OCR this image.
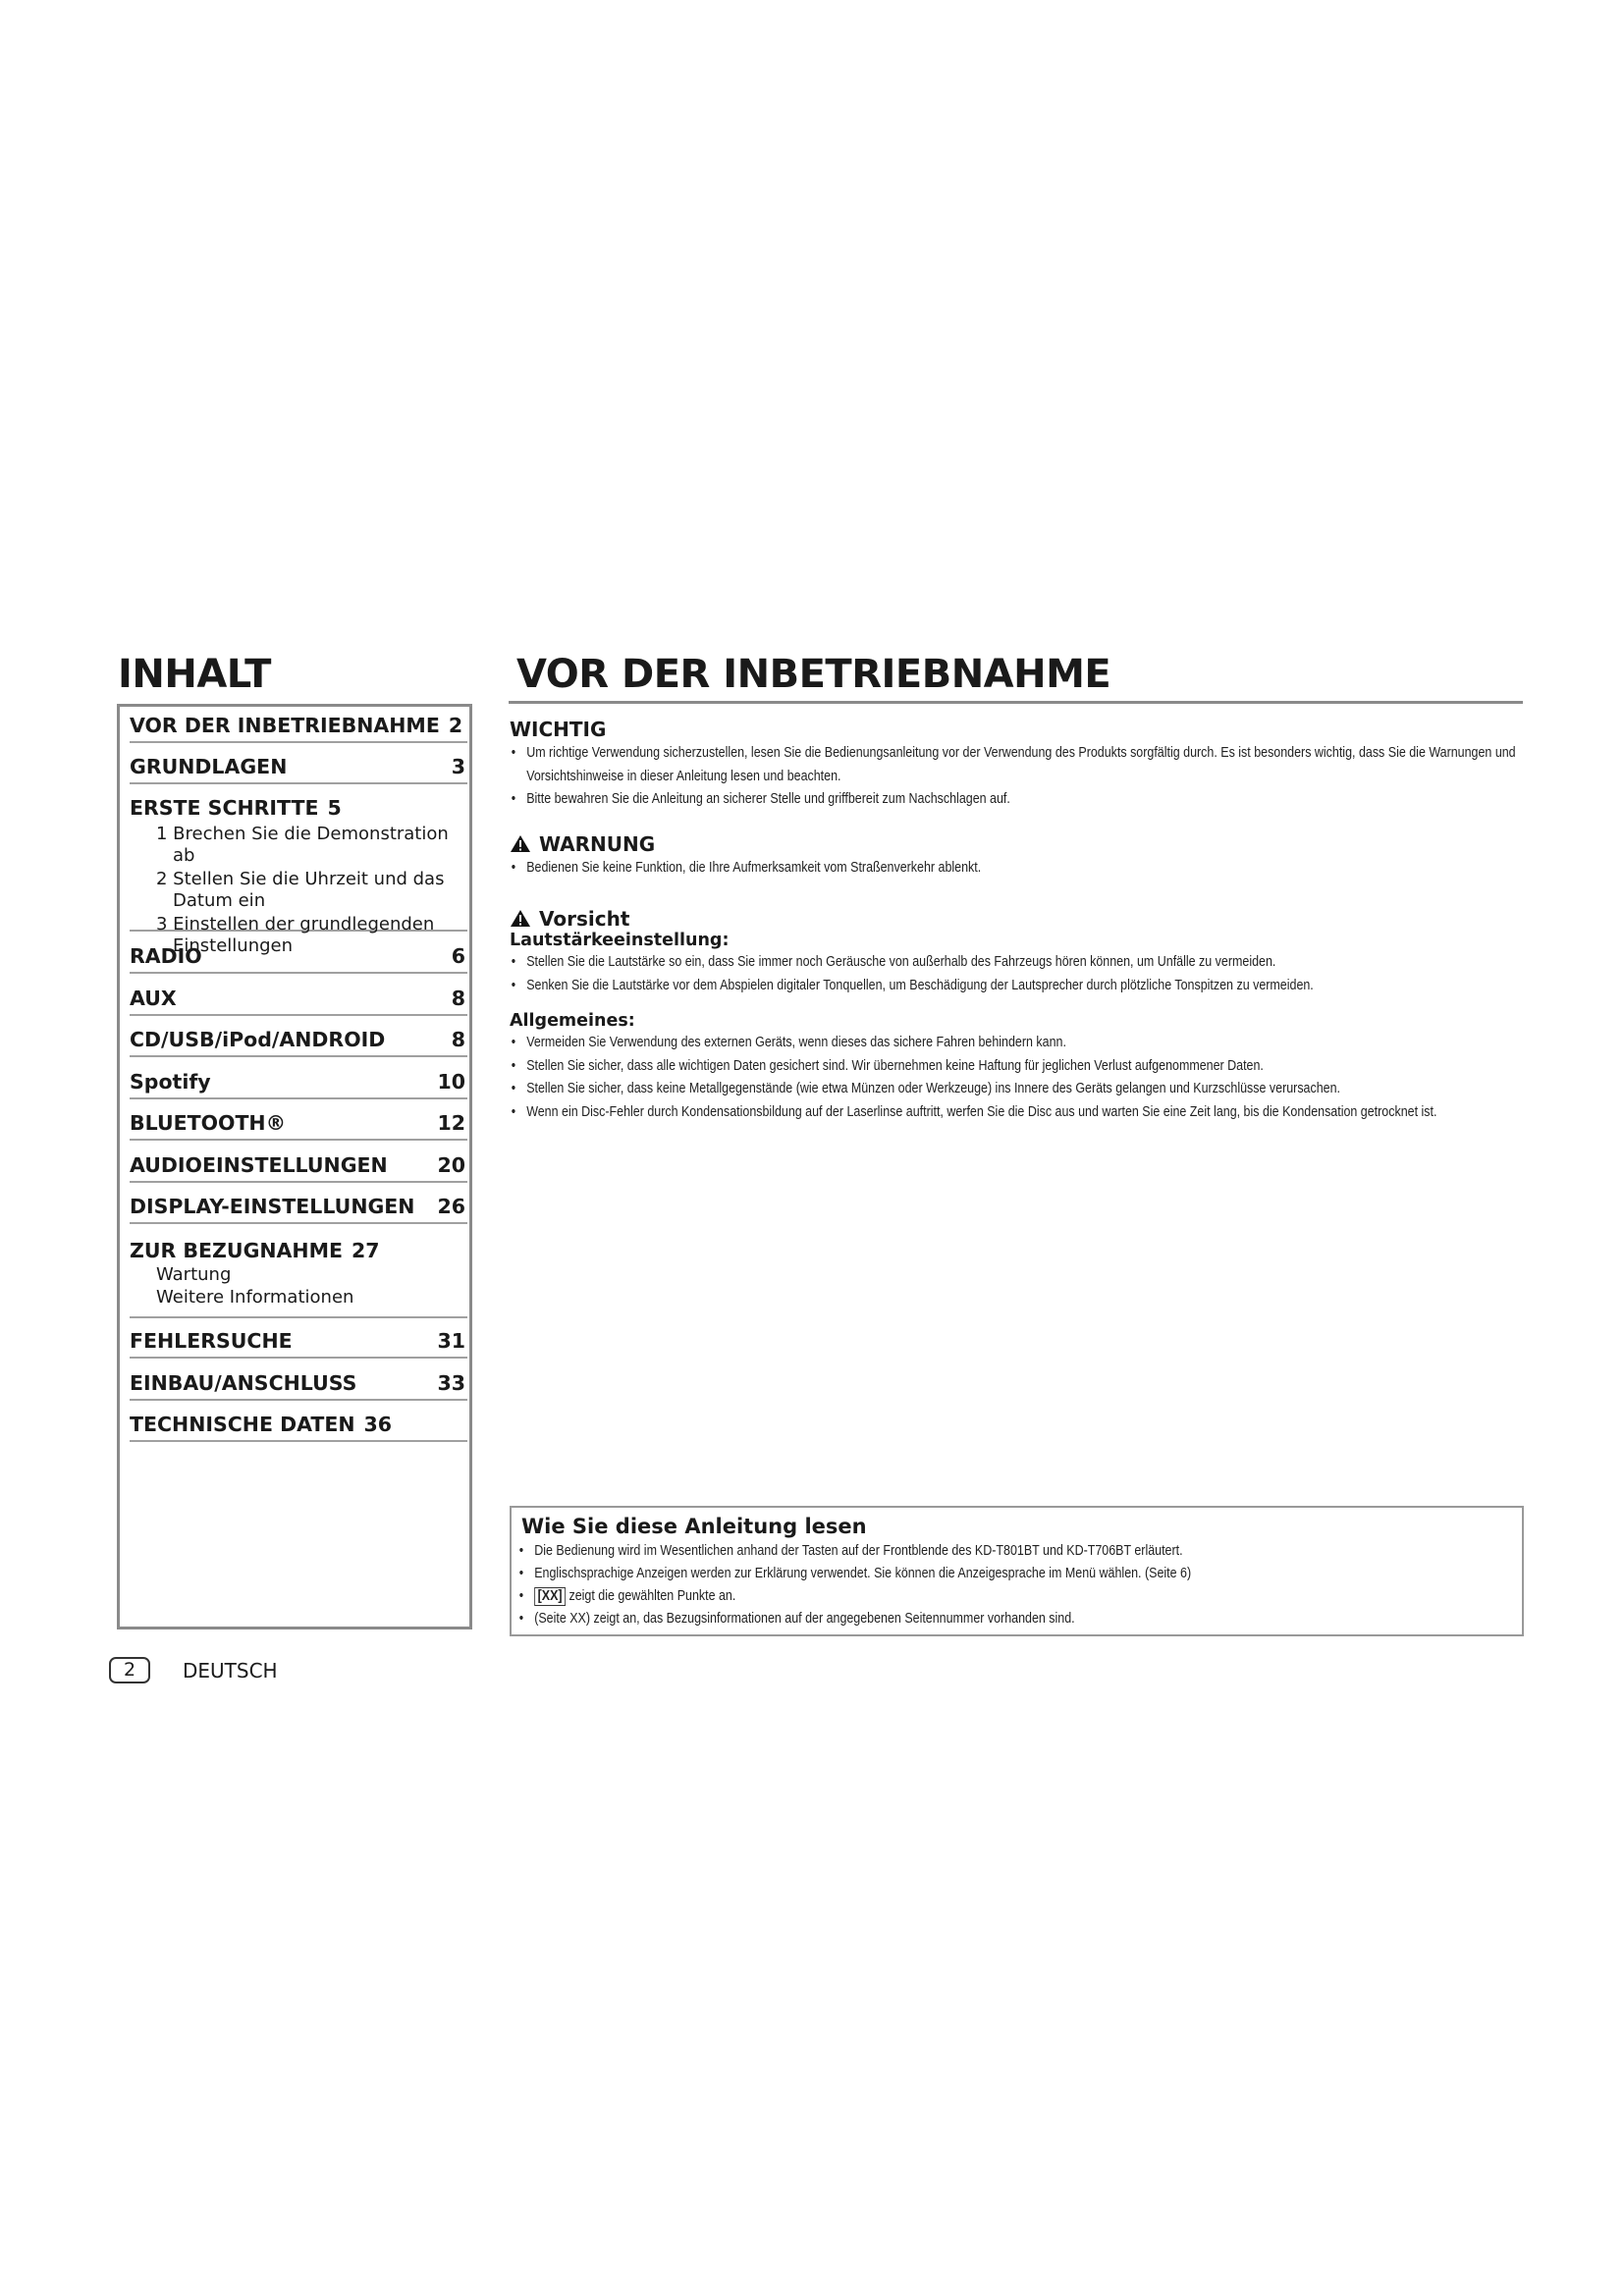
INHALT
VOR DER INBETRIEBNAHME 2
GRUNDLAGEN	3
ERSTE SCHRITTE 5
1 Brechen Sie die Demonstration ab
2 Stellen Sie die Uhrzeit und das Datum ein
3 Einstellen der grundlegenden Einstellungen
RADIO	6
AUX	8
CD/USB/iPod/ANDROID	8
Spotify	10
BLUETOOTH®	12
AUDIOEINSTELLUNGEN 20
DISPLAY-EINSTELLUNGEN 26
ZUR BEZUGNAHME 27
Wartung
Weitere Informationen
FEHLERSUCHE	31
EINBAU/ANSCHLUSS	33
TECHNISCHE DATEN 36
VOR DER INBETRIEBNAHME
WICHTIG
• Um richtige Verwendung sicherzustellen, lesen Sie die Bedienungsanleitung vor der Verwendung des Produkts sorgfältig durch. Es ist besonders wichtig, dass Sie die Warnungen und Vorsichtshinweise in dieser Anleitung lesen und beachten.
• Bitte bewahren Sie die Anleitung an sicherer Stelle und griffbereit zum Nachschlagen auf.
WARNUNG
• Bedienen Sie keine Funktion, die Ihre Aufmerksamkeit vom Straßenverkehr ablenkt.
Vorsicht
Lautstärkeeinstellung:
• Stellen Sie die Lautstärke so ein, dass Sie immer noch Geräusche von außerhalb des Fahrzeugs hören können, um Unfälle zu vermeiden.
• Senken Sie die Lautstärke vor dem Abspielen digitaler Tonquellen, um Beschädigung der Lautsprecher durch plötzliche Tonspitzen zu vermeiden.
Allgemeines:
• Vermeiden Sie Verwendung des externen Geräts, wenn dieses das sichere Fahren behindern kann.
• Stellen Sie sicher, dass alle wichtigen Daten gesichert sind. Wir übernehmen keine Haftung für jeglichen Verlust aufgenommener Daten.
• Stellen Sie sicher, dass keine Metallgegenstände (wie etwa Münzen oder Werkzeuge) ins Innere des Geräts gelangen und Kurzschlüsse verursachen.
• Wenn ein Disc-Fehler durch Kondensationsbildung auf der Laserlinse auftritt, werfen Sie die Disc aus und warten Sie eine Zeit lang, bis die Kondensation getrocknet ist.
Wie Sie diese Anleitung lesen
• Die Bedienung wird im Wesentlichen anhand der Tasten auf der Frontblende des KD-T801BT und KD-T706BT erläutert.
• Englischsprachige Anzeigen werden zur Erklärung verwendet. Sie können die Anzeigesprache im Menü wählen. (Seite 6)
• [XX] zeigt die gewählten Punkte an.
• (Seite XX) zeigt an, das Bezugsinformationen auf der angegebenen Seitennummer vorhanden sind.
2	DEUTSCH
